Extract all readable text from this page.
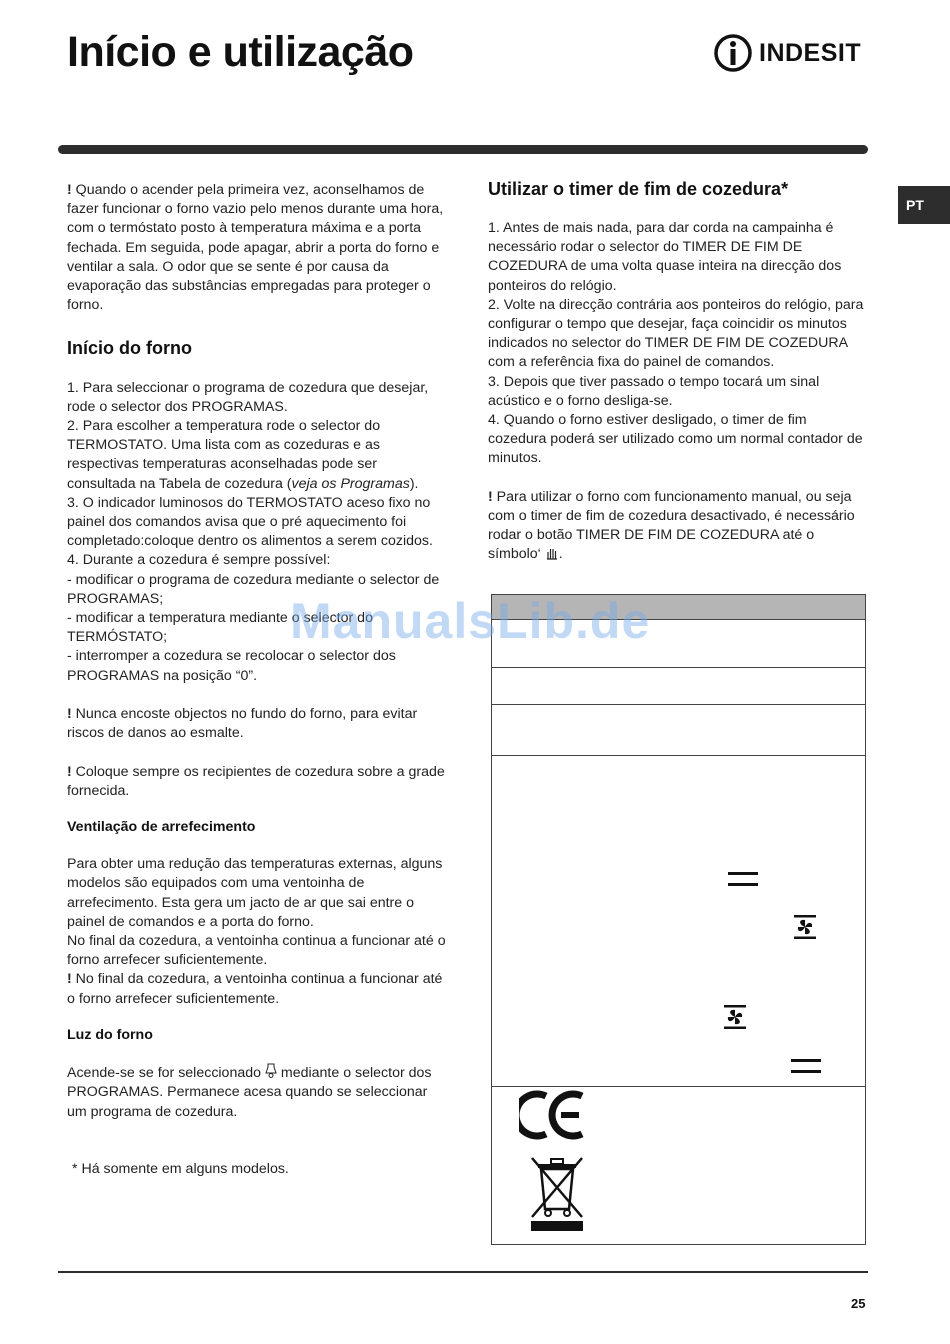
Início e utilização	INDESIT
PT

! Quando o acender pela primeira vez, aconselhamos de fazer funcionar o forno vazio pelo menos durante uma hora, com o termóstato posto à temperatura máxima e a porta fechada. Em seguida, pode apagar, abrir a porta do forno e ventilar a sala. O odor que se sente é por causa da evaporação das substâncias empregadas para proteger o forno.

Início do forno

1. Para seleccionar o programa de cozedura que desejar, rode o selector dos PROGRAMAS.

2. Para escolher a temperatura rode o selector do TERMOSTATO. Uma lista com as cozeduras e as respectivas temperaturas aconselhadas pode ser consultada na Tabela de cozedura (veja os Programas).

3. O indicador luminosos do TERMOSTATO aceso fixo no painel dos comandos avisa que o pré aquecimento foi completado:coloque dentro os alimentos a serem cozidos.

4. Durante a cozedura é sempre possível:

- modificar o programa de cozedura mediante o selector de PROGRAMAS;

- modificar a temperatura mediante o selector do TERMÓSTATO;

- interromper a cozedura se recolocar o selector dos PROGRAMAS na posição “0”.

! Nunca encoste objectos no fundo do forno, para evitar riscos de danos ao esmalte.

! Coloque sempre os recipientes de cozedura sobre a grade fornecida.

Ventilação de arrefecimento

Para obter uma redução das temperaturas externas, alguns modelos são equipados com uma ventoinha de arrefecimento. Esta gera um jacto de ar que sai entre o painel de comandos e a porta do forno.

No final da cozedura, a ventoinha continua a funcionar até o forno arrefecer suficientemente.

! No final da cozedura, a ventoinha continua a funcionar até o forno arrefecer suficientemente.

Luz do forno

Acende-se se for seleccionado  mediante o selector dos PROGRAMAS. Permanece acesa quando se seleccionar um programa de cozedura.

* Há somente em alguns modelos.

Utilizar o timer de fim de cozedura*

1. Antes de mais nada, para dar corda na campainha é necessário rodar o selector do TIMER DE FIM DE COZEDURA de uma volta quase inteira na direcção dos ponteiros do relógio.

2. Volte na direcção contrária aos ponteiros do relógio, para configurar o tempo que desejar, faça coincidir os minutos indicados no selector do TIMER DE FIM DE COZEDURA com a referência fixa do painel de comandos.

3. Depois que tiver passado o tempo tocará um sinal acústico e o forno desliga-se.

4. Quando o forno estiver desligado, o timer de fim cozedura poderá ser utilizado como um normal contador de minutos.

! Para utilizar o forno com funcionamento manual, ou seja com o timer de fim de cozedura desactivado, é necessário rodar o botão TIMER DE FIM DE COZEDURA até o símbolo‘ .

ManualsLib.de
25
